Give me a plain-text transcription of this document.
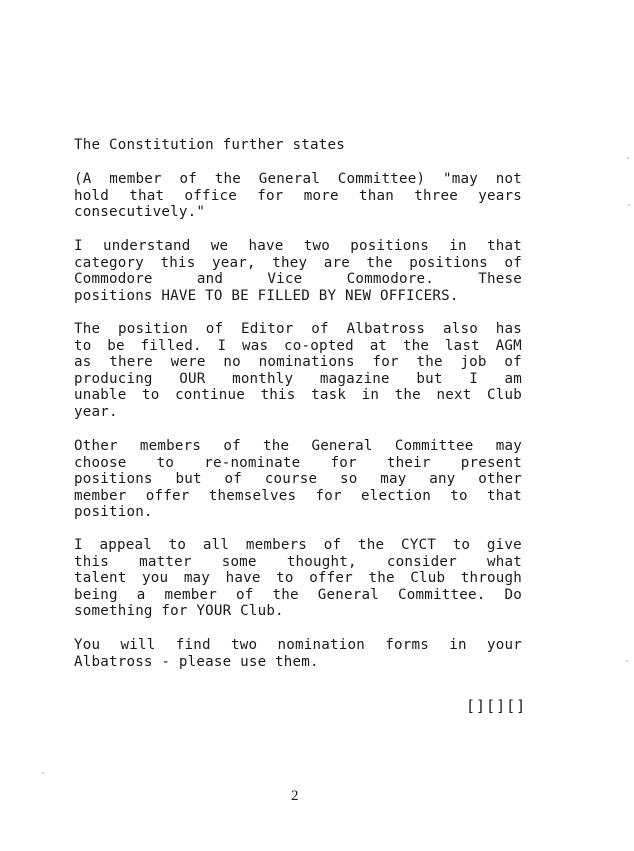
The Constitution further states
(A member of the General Committee) "may not
hold that office for more than three years
consecutively."
I understand we have two positions in that
category this year, they are the positions of
Commodore	and	Vice	Commodore.	These
positions HAVE TO BE FILLED BY NEW OFFICERS.
The position of Editor of Albatross also has
to be filled. I was co-opted at the last AGM
as there were no nominations for the job of
producing OUR monthly magazine but I am
unable to continue this task in the next Club
year.
Other members of the General Committee may
choose to re-nominate for their present
positions but of course so may any other
member offer themselves for election to that
position.
I appeal to all members of the CYCT to give
this matter some thought, consider what
talent you may have to offer the Club through
being a member of the General Committee. Do
something for YOUR Club.
You will find two nomination forms in your
Albatross - please use them.
[][][]
2
